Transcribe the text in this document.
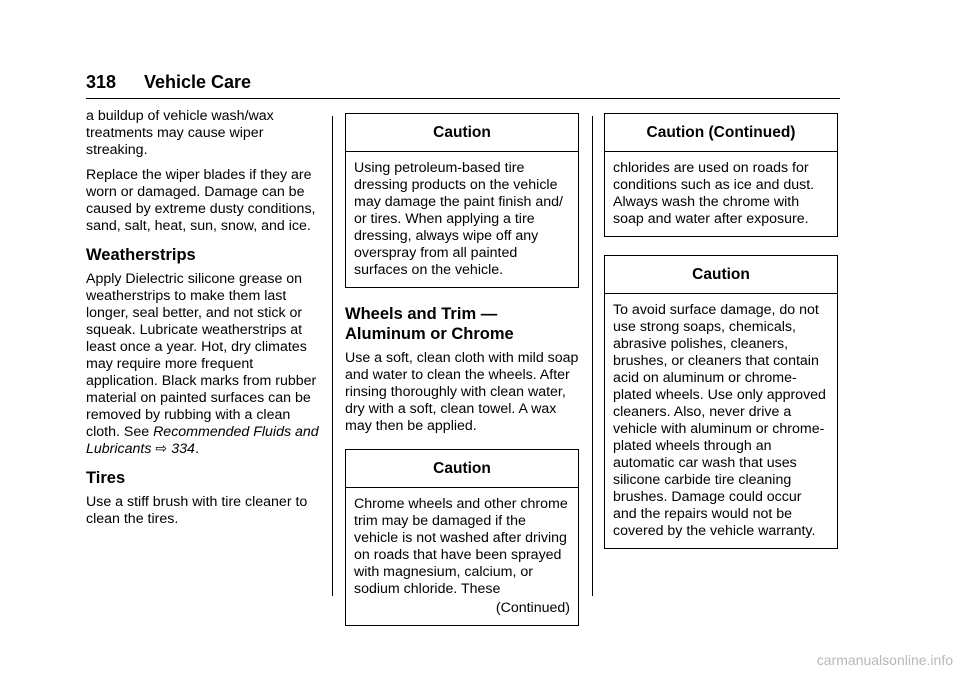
318 Vehicle Care

a buildup of vehicle wash/wax treatments may cause wiper streaking.

Replace the wiper blades if they are worn or damaged. Damage can be caused by extreme dusty conditions, sand, salt, heat, sun, snow, and ice.

Weatherstrips

Apply Dielectric silicone grease on weatherstrips to make them last longer, seal better, and not stick or squeak. Lubricate weatherstrips at least once a year. Hot, dry climates may require more frequent application. Black marks from rubber material on painted surfaces can be removed by rubbing with a clean cloth. See Recommended Fluids and Lubricants ⇨ 334.

Tires

Use a stiff brush with tire cleaner to clean the tires.

Caution
Using petroleum-based tire dressing products on the vehicle may damage the paint finish and/ or tires. When applying a tire dressing, always wipe off any overspray from all painted surfaces on the vehicle.
Wheels and Trim — Aluminum or Chrome

Use a soft, clean cloth with mild soap and water to clean the wheels. After rinsing thoroughly with clean water, dry with a soft, clean towel. A wax may then be applied.

Caution
Chrome wheels and other chrome trim may be damaged if the vehicle is not washed after driving on roads that have been sprayed with magnesium, calcium, or sodium chloride. These
(Continued)
Caution (Continued)
chlorides are used on roads for conditions such as ice and dust. Always wash the chrome with soap and water after exposure.
Caution
To avoid surface damage, do not use strong soaps, chemicals, abrasive polishes, cleaners, brushes, or cleaners that contain acid on aluminum or chrome-plated wheels. Use only approved cleaners. Also, never drive a vehicle with aluminum or chrome-plated wheels through an automatic car wash that uses silicone carbide tire cleaning brushes. Damage could occur and the repairs would not be covered by the vehicle warranty.
carmanualsonline.info
